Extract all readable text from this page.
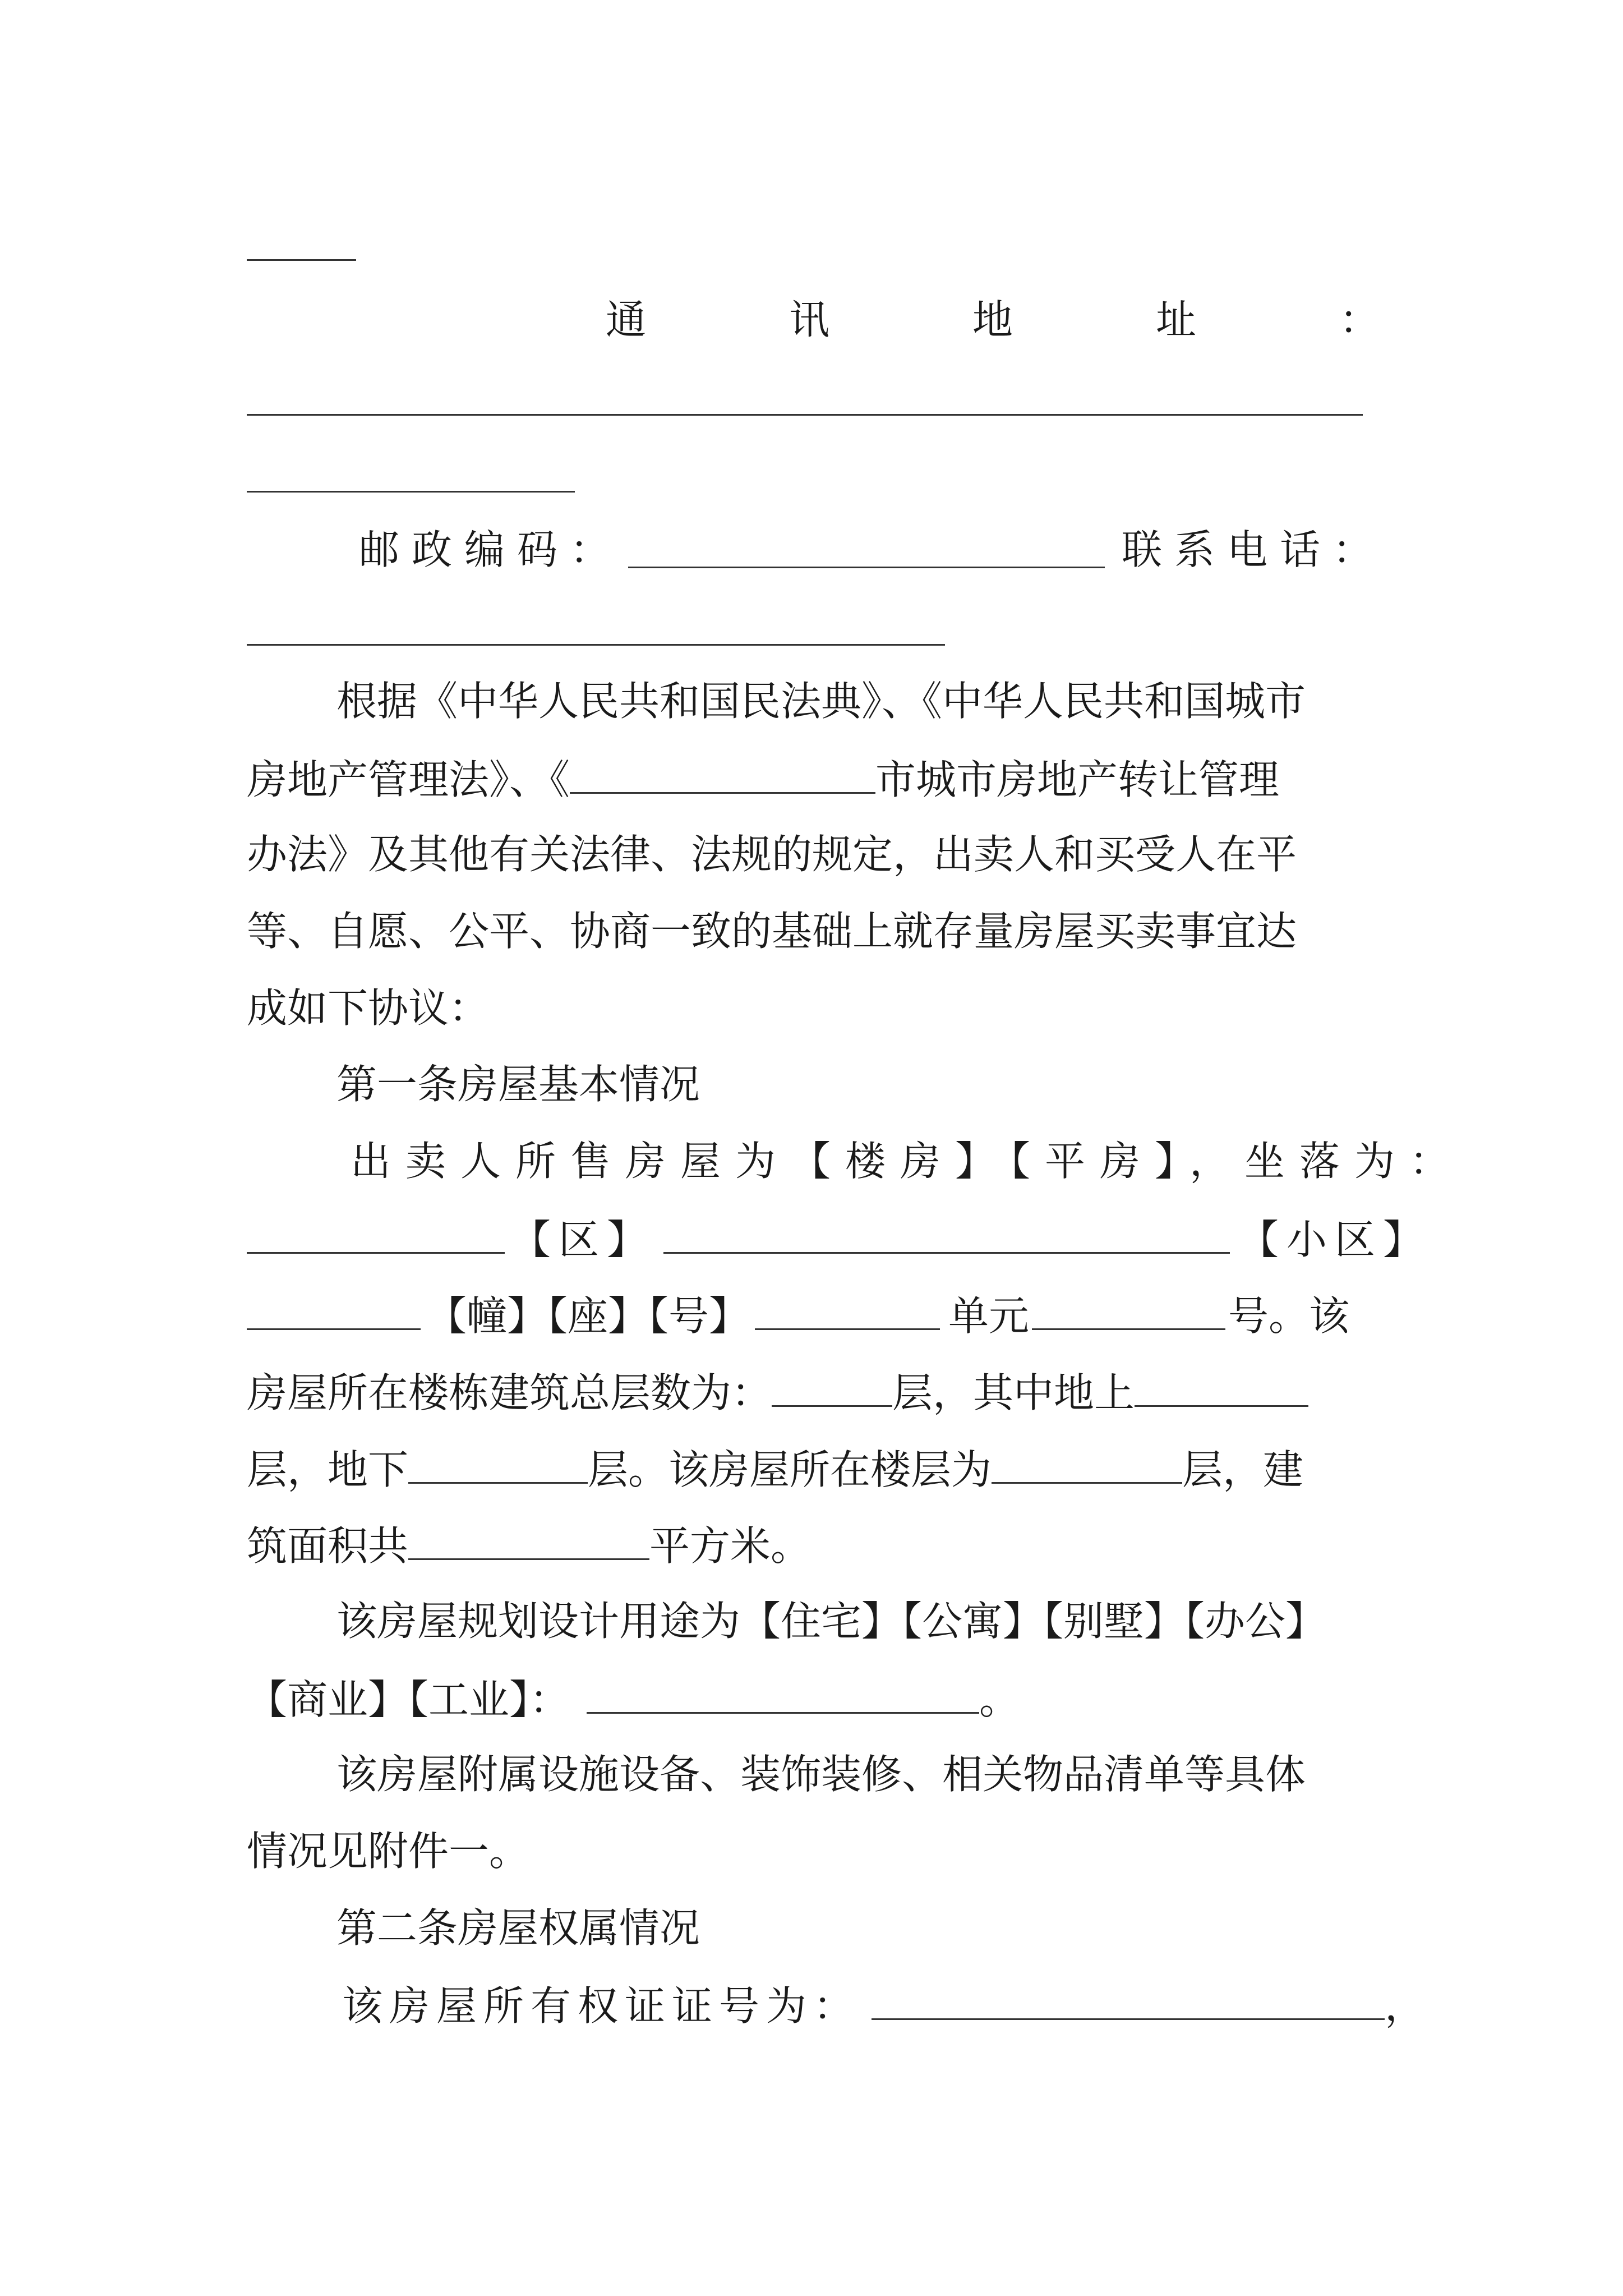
通	讯	地	址	：
邮政编码：	联系电话：
根据《中华人民共和国民法典》、《中华人民共和国城市
房地产管理法》、《	市城市房地产转让管理
办法》及其他有关法律、法规的规定，出卖人和买受人在平
等、自愿、公平、协商一致的基础上就存量房屋买卖事宜达
成如下协议：
第一条房屋基本情况
出卖人所售房屋为【楼房】【平房】，坐落为：
【区】	【小区】
【幢】【座】【号】	单元	号。该
房屋所在楼栋建筑总层数为：	层，其中地上
层，地下	层。该房屋所在楼层为	层，建
筑面积共	平方米。
该房屋规划设计用途为【住宅】【公寓】【别墅】【办公】
【商业】【工业】：	。
该房屋附属设施设备、装饰装修、相关物品清单等具体
情况见附件一。
第二条房屋权属情况
该房屋所有权证证号为：	，
